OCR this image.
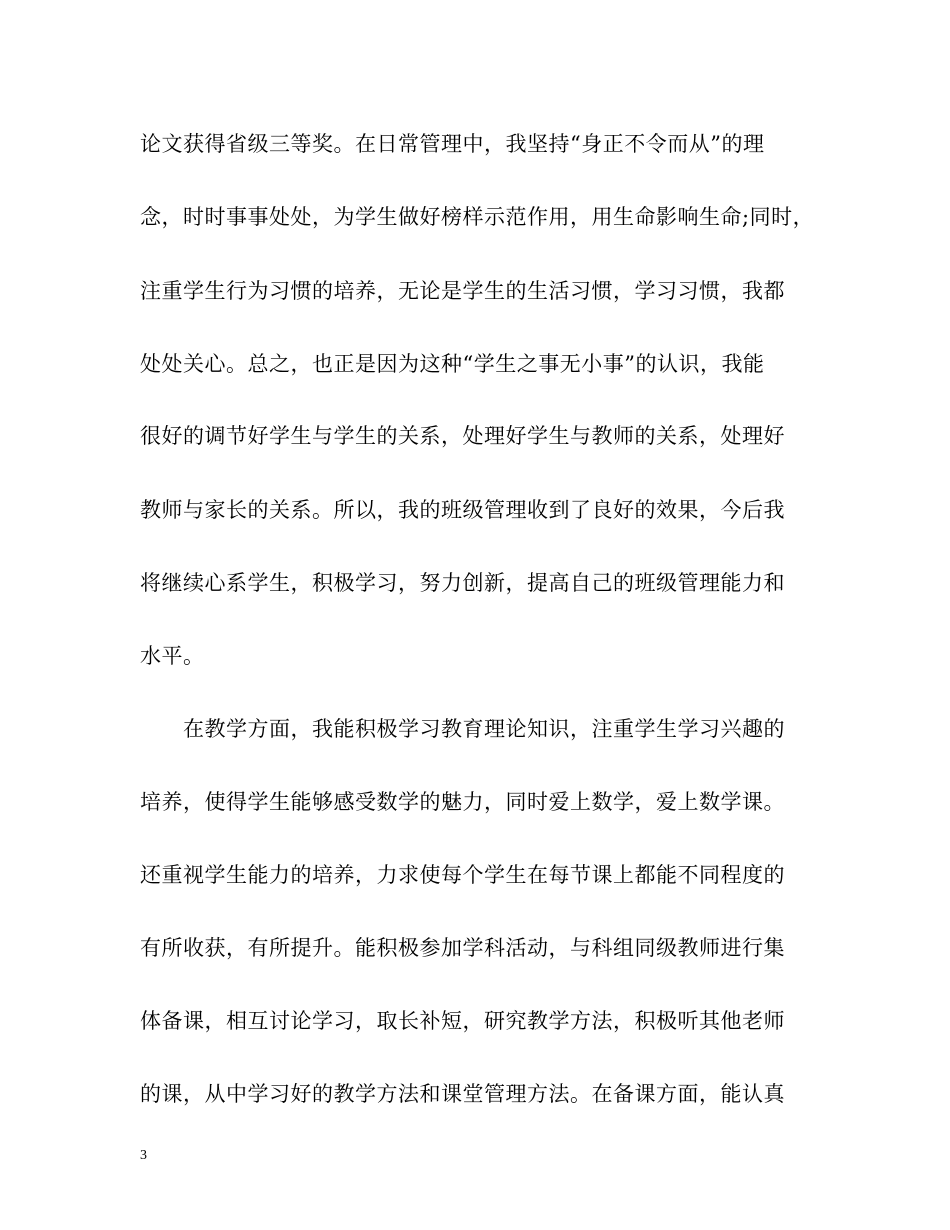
论文获得省级三等奖。在日常管理中，我坚持“身正不令而从”的理
念，时时事事处处，为学生做好榜样示范作用，用生命影响生命;同时，
注重学生行为习惯的培养，无论是学生的生活习惯，学习习惯，我都
处处关心。总之，也正是因为这种“学生之事无小事”的认识，我能
很好的调节好学生与学生的关系，处理好学生与教师的关系，处理好
教师与家长的关系。所以，我的班级管理收到了良好的效果，今后我
将继续心系学生，积极学习，努力创新，提高自己的班级管理能力和
水平。
　　在教学方面，我能积极学习教育理论知识，注重学生学习兴趣的
培养，使得学生能够感受数学的魅力，同时爱上数学，爱上数学课。
还重视学生能力的培养，力求使每个学生在每节课上都能不同程度的
有所收获，有所提升。能积极参加学科活动，与科组同级教师进行集
体备课，相互讨论学习，取长补短，研究教学方法，积极听其他老师
的课，从中学习好的教学方法和课堂管理方法。在备课方面，能认真
3
